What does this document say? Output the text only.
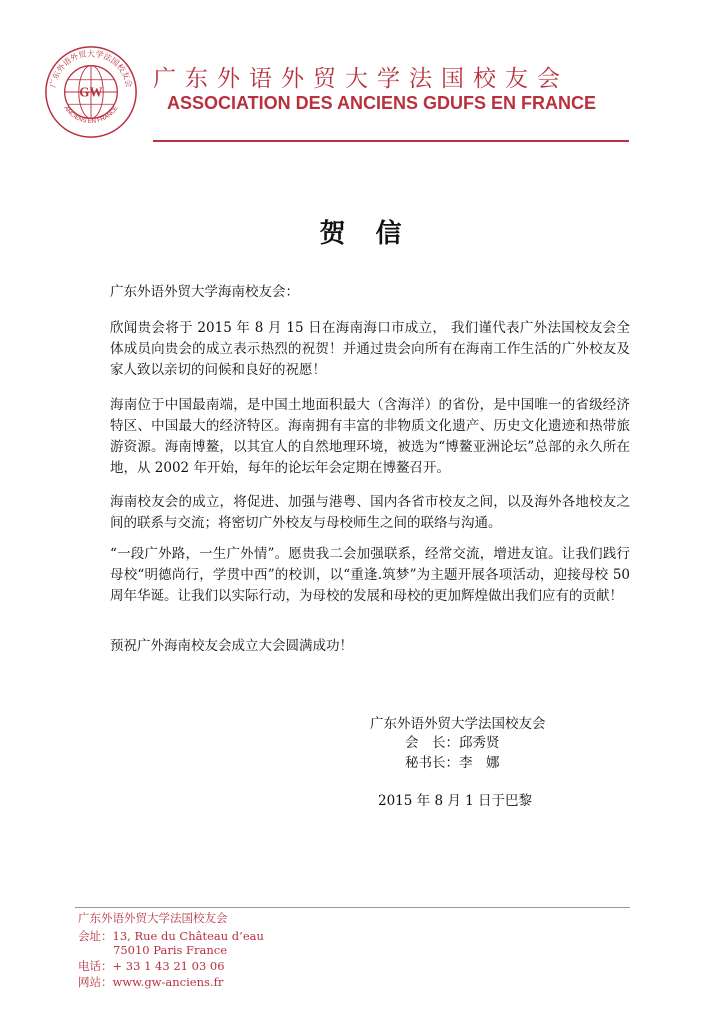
广东外语外贸大学法国校友会
GW
ANCIENS EN FRANCE
广东外语外贸大学法国校友会
ASSOCIATION DES ANCIENS GDUFS EN FRANCE
贺信
广东外语外贸大学海南校友会：

欣闻贵会将于 2015 年 8 月 15 日在海南海口市成立， 我们谨代表广外法国校友会全体成员向贵会的成立表示热烈的祝贺！并通过贵会向所有在海南工作生活的广外校友及家人致以亲切的问候和良好的祝愿！

海南位于中国最南端，是中国土地面积最大（含海洋）的省份，是中国唯一的省级经济特区、中国最大的经济特区。海南拥有丰富的非物质文化遗产、历史文化遗迹和热带旅游资源。海南博鳌，以其宜人的自然地理环境，被选为“博鳌亚洲论坛”总部的永久所在地，从 2002 年开始，每年的论坛年会定期在博鳌召开。

海南校友会的成立，将促进、加强与港粤、国内各省市校友之间，以及海外各地校友之间的联系与交流；将密切广外校友与母校师生之间的联络与沟通。

“一段广外路，一生广外情”。愿贵我二会加强联系，经常交流，增进友谊。让我们践行母校“明德尚行，学贯中西”的校训，以“重逢.筑梦”为主题开展各项活动，迎接母校 50 周年华诞。让我们以实际行动，为母校的发展和母校的更加辉煌做出我们应有的贡献！

预祝广外海南校友会成立大会圆满成功！

广东外语外贸大学法国校友会
会　长：邱秀贤
秘书长：李　娜
2015 年 8 月 1 日于巴黎
广东外语外贸大学法国校友会
会址：13, Rue du Château d’eau
75010 Paris France
电话：+ 33 1 43 21 03 06
网站：www.gw-anciens.fr
